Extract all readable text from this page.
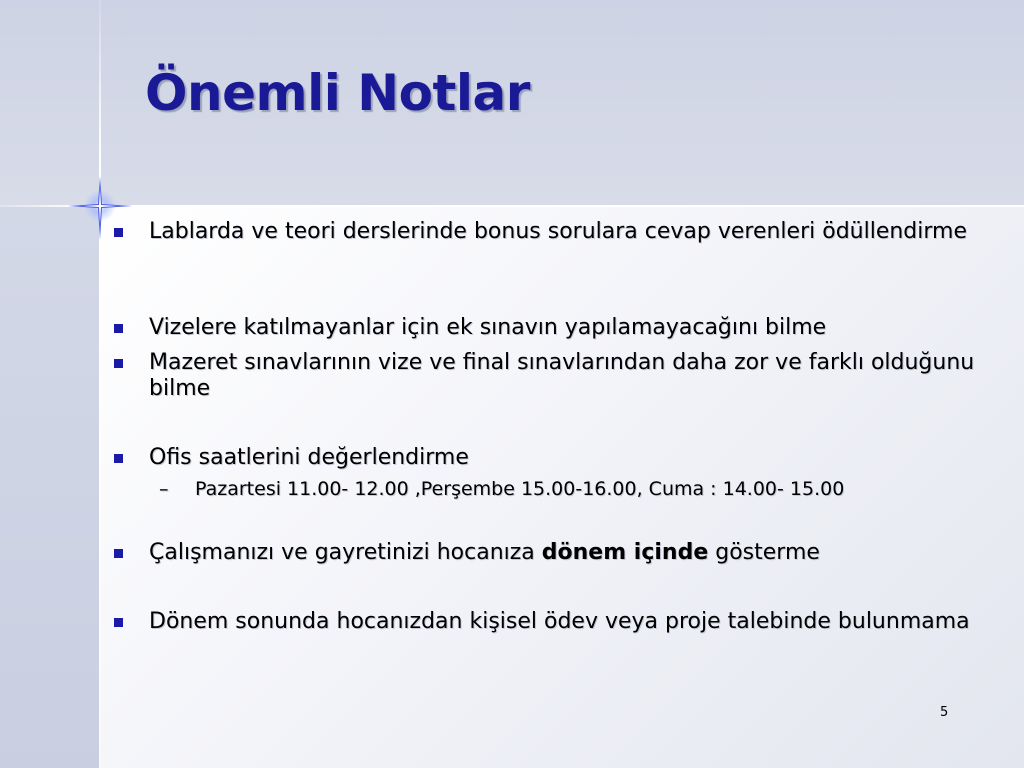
Önemli Notlar
Lablarda ve teori derslerinde bonus sorulara cevap verenleri ödüllendirme
Vizelere katılmayanlar için ek sınavın yapılamayacağını bilme
Mazeret sınavlarının vize ve final sınavlarından daha zor ve farklı olduğunu bilme
Ofis saatlerini değerlendirme
– Pazartesi 11.00- 12.00 ,Perşembe 15.00-16.00, Cuma : 14.00- 15.00
Çalışmanızı ve gayretinizi hocanıza dönem içinde gösterme
Dönem sonunda hocanızdan kişisel ödev veya proje talebinde bulunmama
5
